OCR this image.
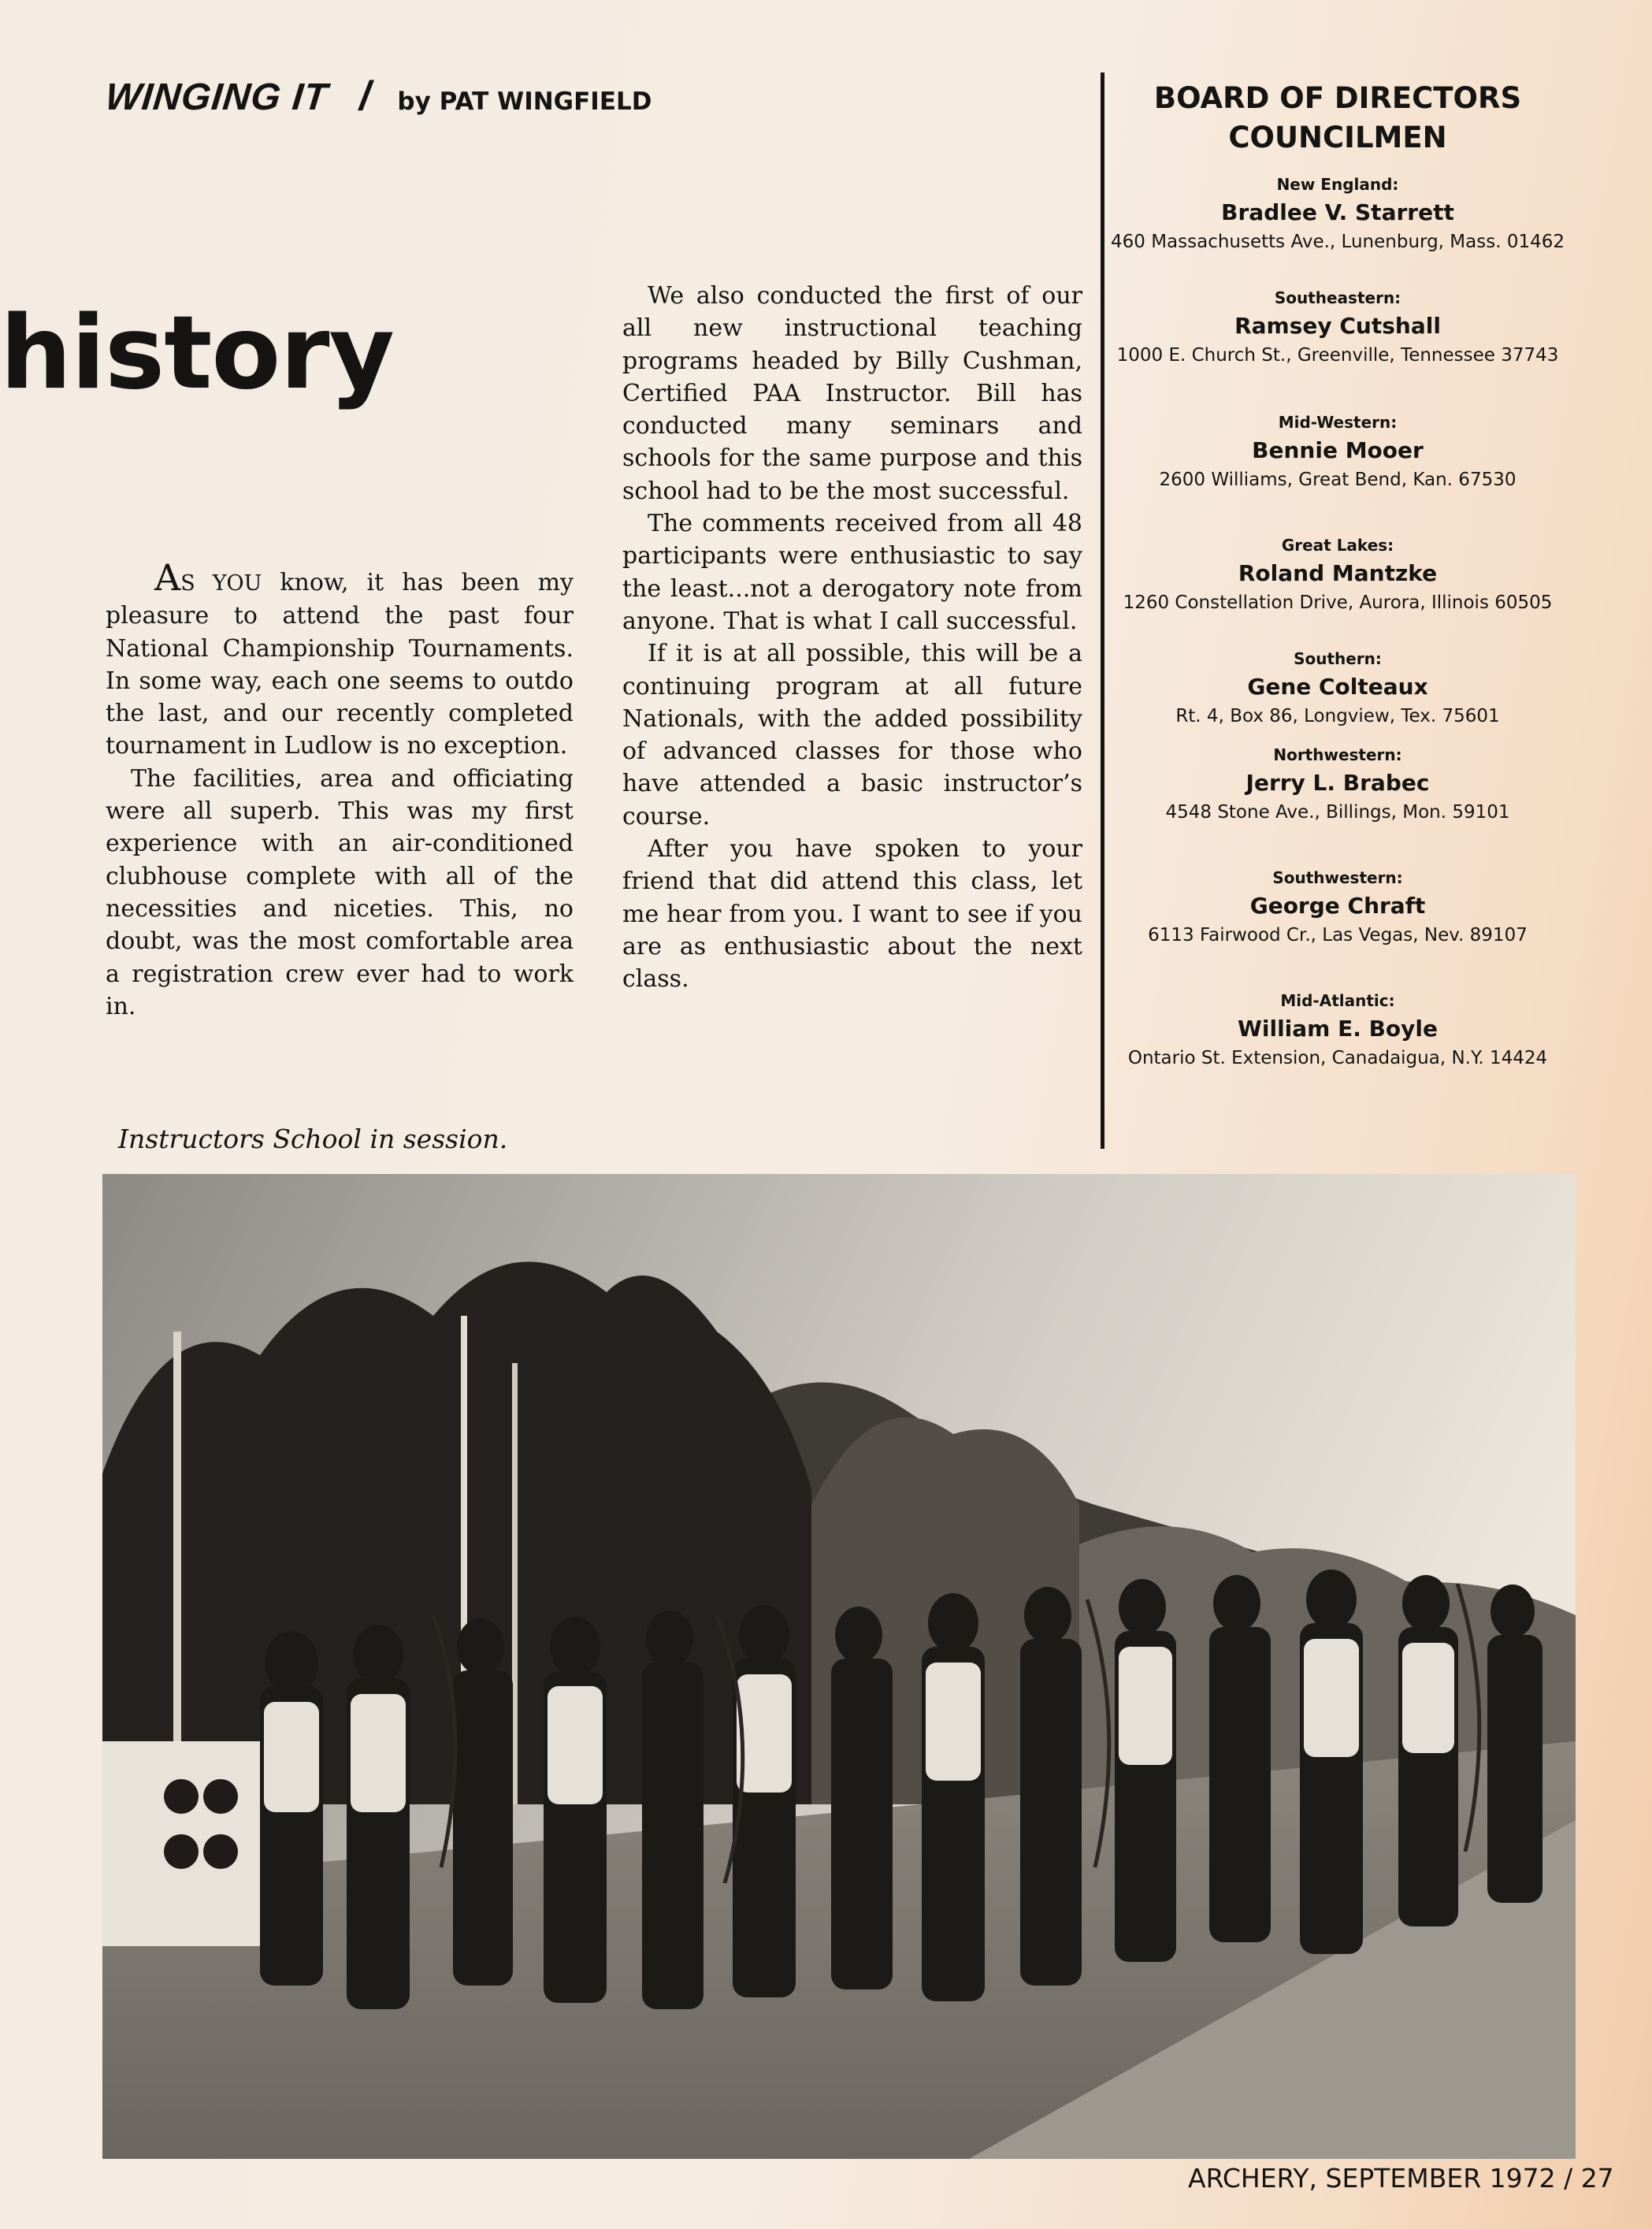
WINGING IT / by PAT WINGFIELD
history

AS YOU know, it has been my pleasure to attend the past four National Championship Tournaments. In some way, each one seems to outdo the last, and our recently completed tournament in Ludlow is no exception.

The facilities, area and officiating were all superb. This was my first experience with an air-conditioned clubhouse complete with all of the necessities and niceties. This, no doubt, was the most comfortable area a registration crew ever had to work in.

We also conducted the first of our all new instructional teaching programs headed by Billy Cushman, Certified PAA Instructor. Bill has conducted many seminars and schools for the same purpose and this school had to be the most successful.

The comments received from all 48 participants were enthusiastic to say the least...not a derogatory note from anyone. That is what I call successful.

If it is at all possible, this will be a continuing program at all future Nationals, with the added possibility of advanced classes for those who have attended a basic instructor’s course.

After you have spoken to your friend that did attend this class, let me hear from you. I want to see if you are as enthusiastic about the next class.

Instructors School in session.
BOARD OF DIRECTORS
COUNCILMEN
New England:
Bradlee V. Starrett
460 Massachusetts Ave., Lunenburg, Mass. 01462
Southeastern:
Ramsey Cutshall
1000 E. Church St., Greenville, Tennessee 37743
Mid-Western:
Bennie Mooer
2600 Williams, Great Bend, Kan. 67530
Great Lakes:
Roland Mantzke
1260 Constellation Drive, Aurora, Illinois 60505
Southern:
Gene Colteaux
Rt. 4, Box 86, Longview, Tex. 75601
Northwestern:
Jerry L. Brabec
4548 Stone Ave., Billings, Mon. 59101
Southwestern:
George Chraft
6113 Fairwood Cr., Las Vegas, Nev. 89107
Mid-Atlantic:
William E. Boyle
Ontario St. Extension, Canadaigua, N.Y. 14424
ARCHERY, SEPTEMBER 1972 / 27
